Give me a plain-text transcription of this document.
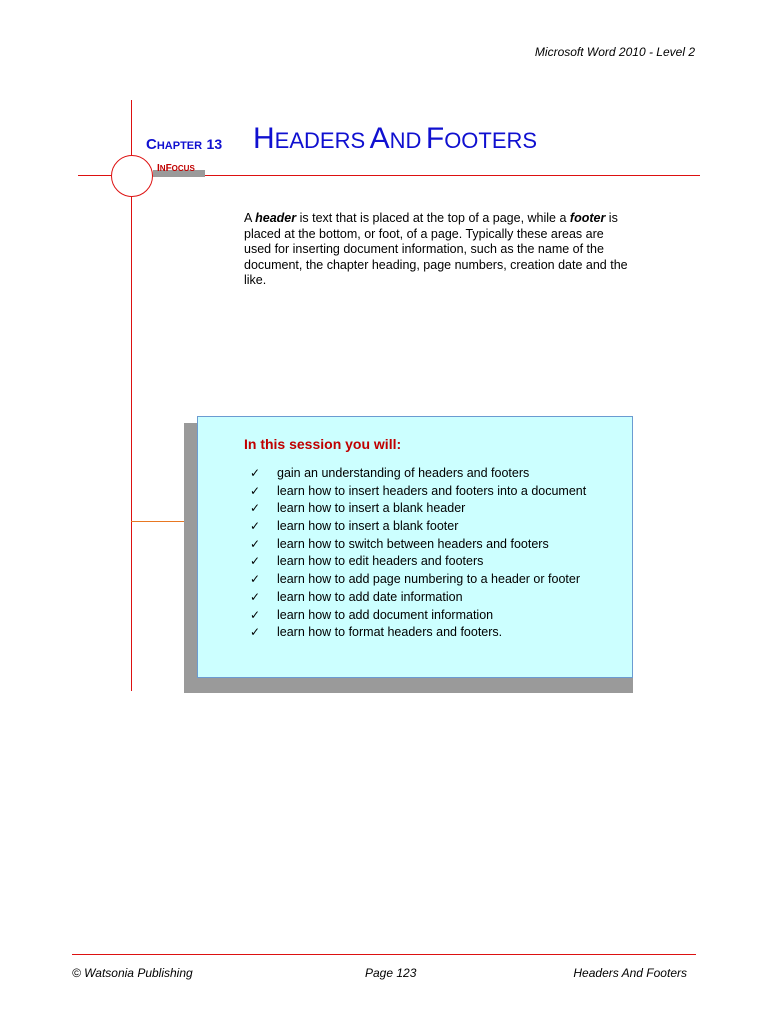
Microsoft Word 2010 - Level 2
CHAPTER 13
INFOCUS
HEADERS AND FOOTERS
A header is text that is placed at the top of a page, while a footer is placed at the bottom, or foot, of a page. Typically these areas are used for inserting document information, such as the name of the document, the chapter heading, page numbers, creation date and the like.
In this session you will:
✓ gain an understanding of headers and footers
✓ learn how to insert headers and footers into a document
✓ learn how to insert a blank header
✓ learn how to insert a blank footer
✓ learn how to switch between headers and footers
✓ learn how to edit headers and footers
✓ learn how to add page numbering to a header or footer
✓ learn how to add date information
✓ learn how to add document information
✓ learn how to format headers and footers.
© Watsonia Publishing	Page 123	Headers And Footers
